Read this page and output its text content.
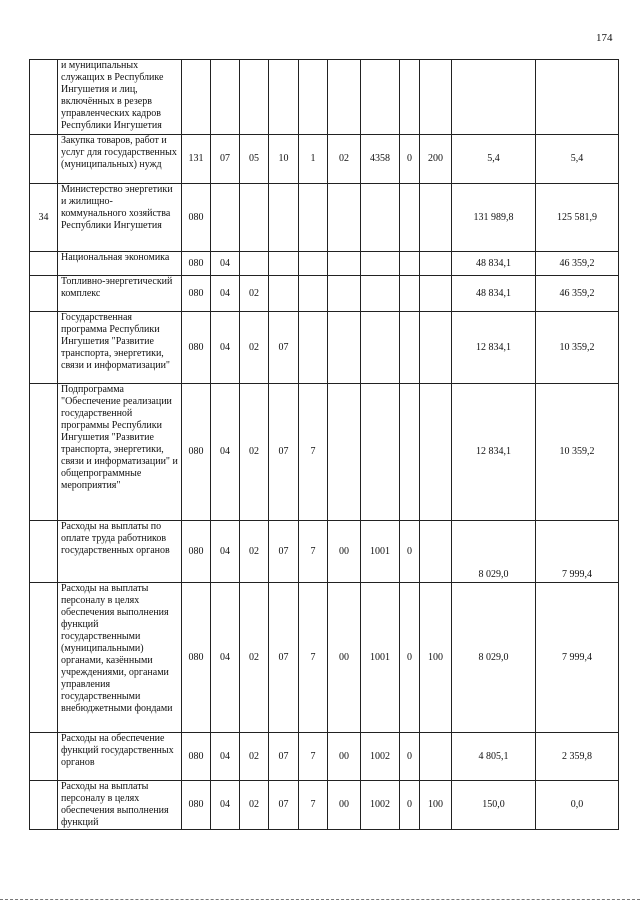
174
	и муниципальных служащих в Республике Ингушетия и лиц, включённых в резерв управленческих кадров Республики Ингушетия											
	Закупка товаров, работ и услуг для государственных (муниципальных) нужд	131	07	05	10	1	02	4358	0	200	5,4	5,4
34	Министерство энергетики и жилищно-коммунального хозяйства Республики Ингушетия	080									131 989,8	125 581,9
	Национальная экономика	080	04								48 834,1	46 359,2
	Топливно-энергетический комплекс	080	04	02							48 834,1	46 359,2
	Государственная программа Республики Ингушетия "Развитие транспорта, энергетики, связи и информатизации"	080	04	02	07						12 834,1	10 359,2
	Подпрограмма "Обеспечение реализации государственной программы Республики Ингушетия "Развитие транспорта, энергетики, связи и информатизации" и общепрограммные мероприятия"	080	04	02	07	7					12 834,1	10 359,2
	Расходы на выплаты по оплате труда работников государственных органов	080	04	02	07	7	00	1001	0		8 029,0	7 999,4
	Расходы на выплаты персоналу в целях обеспечения выполнения функций государственными (муниципальными) органами, казёнными учреждениями, органами управления государственными внебюджетными фондами	080	04	02	07	7	00	1001	0	100	8 029,0	7 999,4
	Расходы на обеспечение функций государственных органов	080	04	02	07	7	00	1002	0		4 805,1	2 359,8
	Расходы на выплаты персоналу в целях обеспечения выполнения функций	080	04	02	07	7	00	1002	0	100	150,0	0,0
